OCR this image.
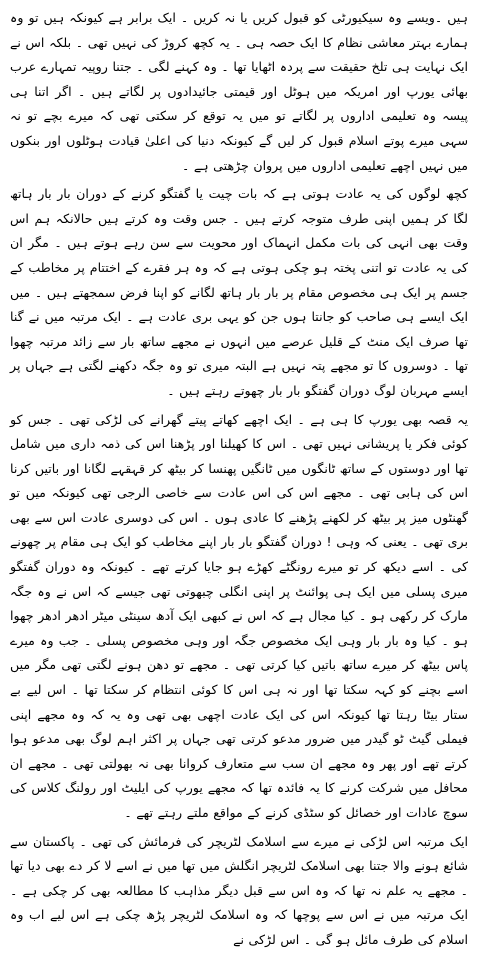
ہیں ۔ویسے وہ سیکیورٹی کو قبول کریں یا نہ کریں ۔ ایک برابر ہے کیونکہ ہیں تو وہ ہمارے بہتر معاشی نظام کا ایک حصہ ہی ۔ یہ کچھ کروڑ کی نہیں تھی ۔ بلکہ اس نے ایک نہایت ہی تلخ حقیقت سے پردہ اٹھایا تھا ۔ وہ کہنے لگی ۔ جتنا روپیہ تمہارے عرب بھائی یورپ اور امریکہ میں ہوٹل اور قیمتی جائیدادوں پر لگاتے ہیں ۔ اگر اتنا ہی پیسہ وہ تعلیمی اداروں پر لگاتے تو میں یہ توقع کر سکتی تھی کہ میرے بچے تو نہ سہی میرے پوتے اسلام قبول کر لیں گے کیونکہ دنیا کی اعلیٰ قیادت ہوٹلوں اور بنکوں میں نہیں اچھے تعلیمی اداروں میں پروان چڑھتی ہے ۔

کچھ لوگوں کی یہ عادت ہوتی ہے کہ بات چیت یا گفتگو کرنے کے دوران بار بار ہاتھ لگا کر ہمیں اپنی طرف متوجہ کرتے ہیں ۔ جس وقت وہ کرتے ہیں حالانکہ ہم اس وقت بھی انہی کی بات مکمل انہماک اور محویت سے سن رہے ہوتے ہیں ۔ مگر ان کی یہ عادت تو اتنی پختہ ہو چکی ہوتی ہے کہ وہ ہر فقرے کے اختتام پر مخاطب کے جسم پر ایک ہی مخصوص مقام پر بار بار ہاتھ لگانے کو اپنا فرض سمجھتے ہیں ۔ میں ایک ایسے ہی صاحب کو جانتا ہوں جن کو یہی بری عادت ہے ۔ ایک مرتبہ میں نے گنا تھا صرف ایک منٹ کے قلیل عرصے میں انہوں نے مجھے ساتھ بار سے زائد مرتبہ چھوا تھا ۔ دوسروں کا تو مجھے پتہ نہیں ہے البتہ میری تو وہ جگہ دکھنے لگتی ہے جہاں پر ایسے مہربان لوگ دوران گفتگو بار بار چھوتے رہتے ہیں ۔

یہ قصہ بھی یورپ کا ہی ہے ۔ ایک اچھے کھاتے پیتے گھرانے کی لڑکی تھی ۔ جس کو کوئی فکر یا پریشانی نہیں تھی ۔ اس کا کھیلنا اور پڑھنا اس کی ذمہ داری میں شامل تھا اور دوستوں کے ساتھ ٹانگوں میں ٹانگیں پھنسا کر بیٹھ کر قہقہے لگانا اور باتیں کرنا اس کی ہابی تھی ۔ مجھے اس کی اس عادت سے خاصی الرجی تھی کیونکہ میں تو گھنٹوں میز پر بیٹھ کر لکھنے پڑھنے کا عادی ہوں ۔ اس کی دوسری عادت اس سے بھی بری تھی ۔ یعنی کہ وہی ! دوران گفتگو بار بار اپنے مخاطب کو ایک ہی مقام پر چھونے کی ۔ اسے دیکھ کر تو میرے رونگٹے کھڑے ہو جایا کرتے تھے ۔ کیونکہ وہ دوران گفتگو میری پسلی میں ایک ہی پوائنٹ پر اپنی انگلی چبھوتی تھی جیسے کہ اس نے وہ جگہ مارک کر رکھی ہو ۔ کیا مجال ہے کہ اس نے کبھی ایک آدھ سینٹی میٹر ادھر ادھر چھوا ہو ۔ کیا وہ بار بار وہی ایک مخصوص جگہ اور وہی مخصوص پسلی ۔ جب وہ میرے پاس بیٹھ کر میرے ساتھ باتیں کیا کرتی تھی ۔ مجھے تو دھن ہونے لگتی تھی مگر میں اسے بچنے کو کہہ سکتا تھا اور نہ ہی اس کا کوئی انتظام کر سکتا تھا ۔ اس لیے بے ستار بیٹا رہتا تھا کیونکہ اس کی ایک عادت اچھی بھی تھی وہ یہ کہ وہ مجھے اپنی فیملی گیٹ ٹو گیدر میں ضرور مدعو کرتی تھی جہاں پر اکثر اہم لوگ بھی مدعو ہوا کرتے تھے اور پھر وہ مجھے ان سب سے متعارف کروانا بھی نہ بھولتی تھی ۔ مجھے ان محافل میں شرکت کرنے کا یہ فائدہ تھا کہ مجھے یورپ کی ایلیٹ اور رولنگ کلاس کی سوچ عادات اور خصائل کو سٹڈی کرنے کے مواقع ملتے رہتے تھے ۔

ایک مرتبہ اس لڑکی نے میرے سے اسلامک لٹریچر کی فرمائش کی تھی ۔ پاکستان سے شائع ہونے والا جتنا بھی اسلامک لٹریچر انگلش میں تھا میں نے اسے لا کر دے بھی دیا تھا ۔ مجھے یہ علم نہ تھا کہ وہ اس سے قبل دیگر مذاہب کا مطالعہ بھی کر چکی ہے ۔ ایک مرتبہ میں نے اس سے پوچھا کہ وہ اسلامک لٹریچر پڑھ چکی ہے اس لیے اب وہ اسلام کی طرف مائل ہو گی ۔ اس لڑکی نے
